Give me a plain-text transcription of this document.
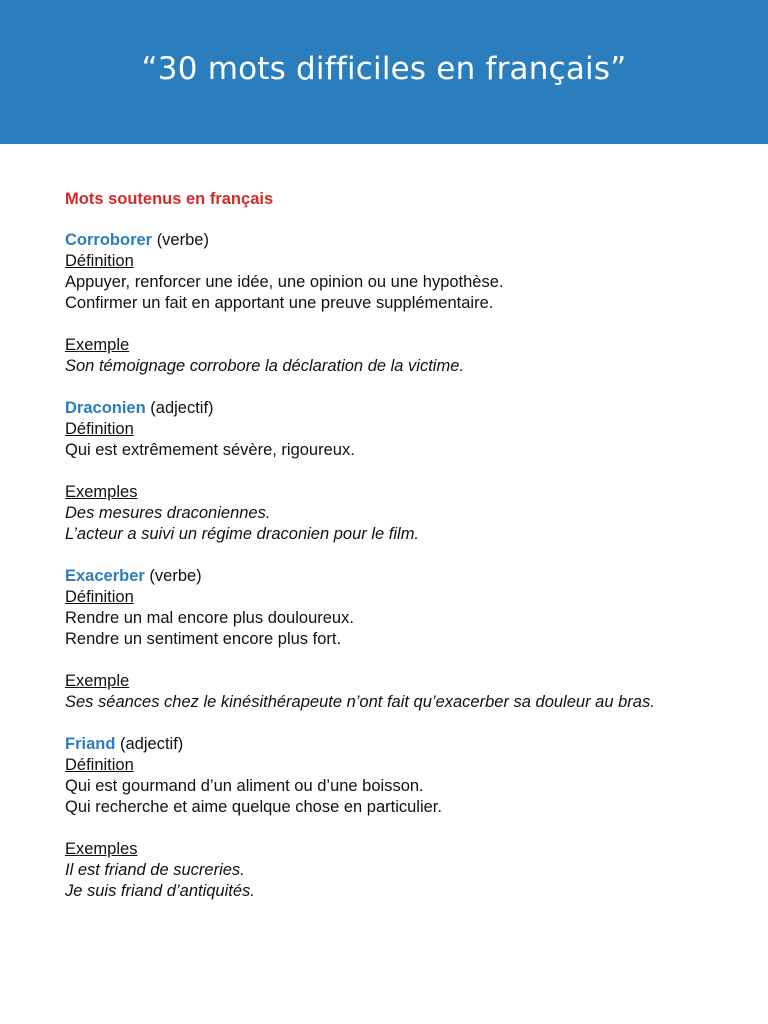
“30 mots difficiles en français”

Mots soutenus en français

Corroborer (verbe)

Définition

Appuyer, renforcer une idée, une opinion ou une hypothèse.

Confirmer un fait en apportant une preuve supplémentaire.

Exemple

Son témoignage corrobore la déclaration de la victime.

Draconien (adjectif)

Définition

Qui est extrêmement sévère, rigoureux.

Exemples

Des mesures draconiennes.

L’acteur a suivi un régime draconien pour le film.

Exacerber (verbe)

Définition

Rendre un mal encore plus douloureux.

Rendre un sentiment encore plus fort.

Exemple

Ses séances chez le kinésithérapeute n’ont fait qu’exacerber sa douleur au bras.

Friand (adjectif)

Définition

Qui est gourmand d’un aliment ou d’une boisson.

Qui recherche et aime quelque chose en particulier.

Exemples

Il est friand de sucreries.

Je suis friand d’antiquités.
